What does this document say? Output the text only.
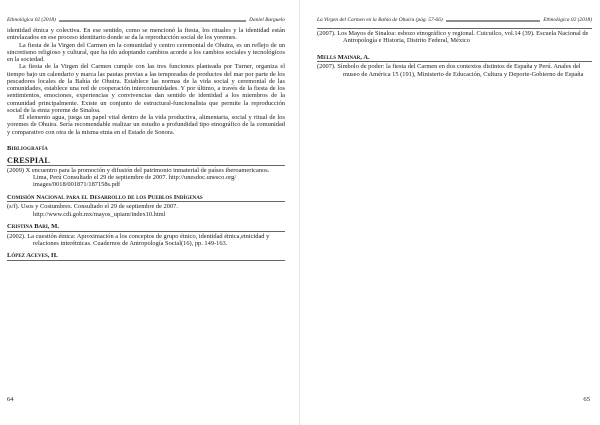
Ethnológica 02 (2018)	Daniel Barguelo

identidad étnica y colectiva. En ese sentido, como se mencionó la fiesta, los rituales y la identidad están entrelazados en ese proceso identitario donde se da la reproducción social de los yoremes.

La fiesta de la Virgen del Carmen en la comunidad y centro ceremonial de Ohuira, es un reflejo de un sincretismo religioso y cultural, que ha ido adoptando cambios acorde a los cambios sociales y tecnológicos en la sociedad.

La fiesta de la Virgen del Carmen cumple con las tres funciones planteada por Turner, organiza el tiempo bajo un calendario y marca las pautas previas a las temporadas de productos del mar por parte de los pescadores locales de la Bahía de Ohuira. Establece las normas de la vida social y ceremonial de las comunidades, establece una red de cooperación intercomunidades. Y por último, a través de la fiesta de los sentimientos, emociones, experiencias y convivencias dan sentido de identidad a los miembros de la comunidad principalmente. Existe un conjunto de estructural-funcionalista que permite la reproducción social de la etnia yoreme de Sinaloa.

El elemento agua, juega un papel vital dentro de la vida productiva, alimentaria, social y ritual de los yoremes de Ohuira. Sería recomendable realizar un estudio a profundidad tipo etnográfico de la comunidad y comparativo con otra de la misma etnia en el Estado de Sonora.

Bibliografía
CRESPIAL

(2009) X encuentro para la promoción y difusión del patrimonio inmaterial de países iberoamericanos. Lima, Perú Consultado el 29 de septiembre de 2007. http://unesdoc.unesco.org/ images/0018/001871/187158s.pdf

Comisión Nacional para el Desarrollo de los Pueblos Indígenas

(s/f). Usos y Costumbres. Consultado el 29 de septiembre de 2007. http://www.cdi.gob.mx/mayos_upiam/index10.html

Cristina Bari, M.

(2002). La cuestión étnica: Aproximación a los conceptos de grupo étnico, identidad étnica,etnicidad y relaciones interétnicas. Cuadernos de Antropología Social(16), pp. 149-163.

López Aceves, H.
64
La Virgen del Carmen en la Bahía de Ohuira (pág. 57-66)	Ethnológica 02 (2018)

(2007). Los Mayos de Sinaloa: esbozo etnográfico y regional. Cuicuilco, vol.14 (39). Escuela Nacional de Antropología e Historia, Distrito Federal, México

Mells Mainar, A.

(2007). Símbolo de poder: la fiesta del Carmen en dos contextos distintos de España y Perú. Anales del museo de América 15 (191), Ministerio de Educación, Cultura y Deporte-Gobierno de España

65
